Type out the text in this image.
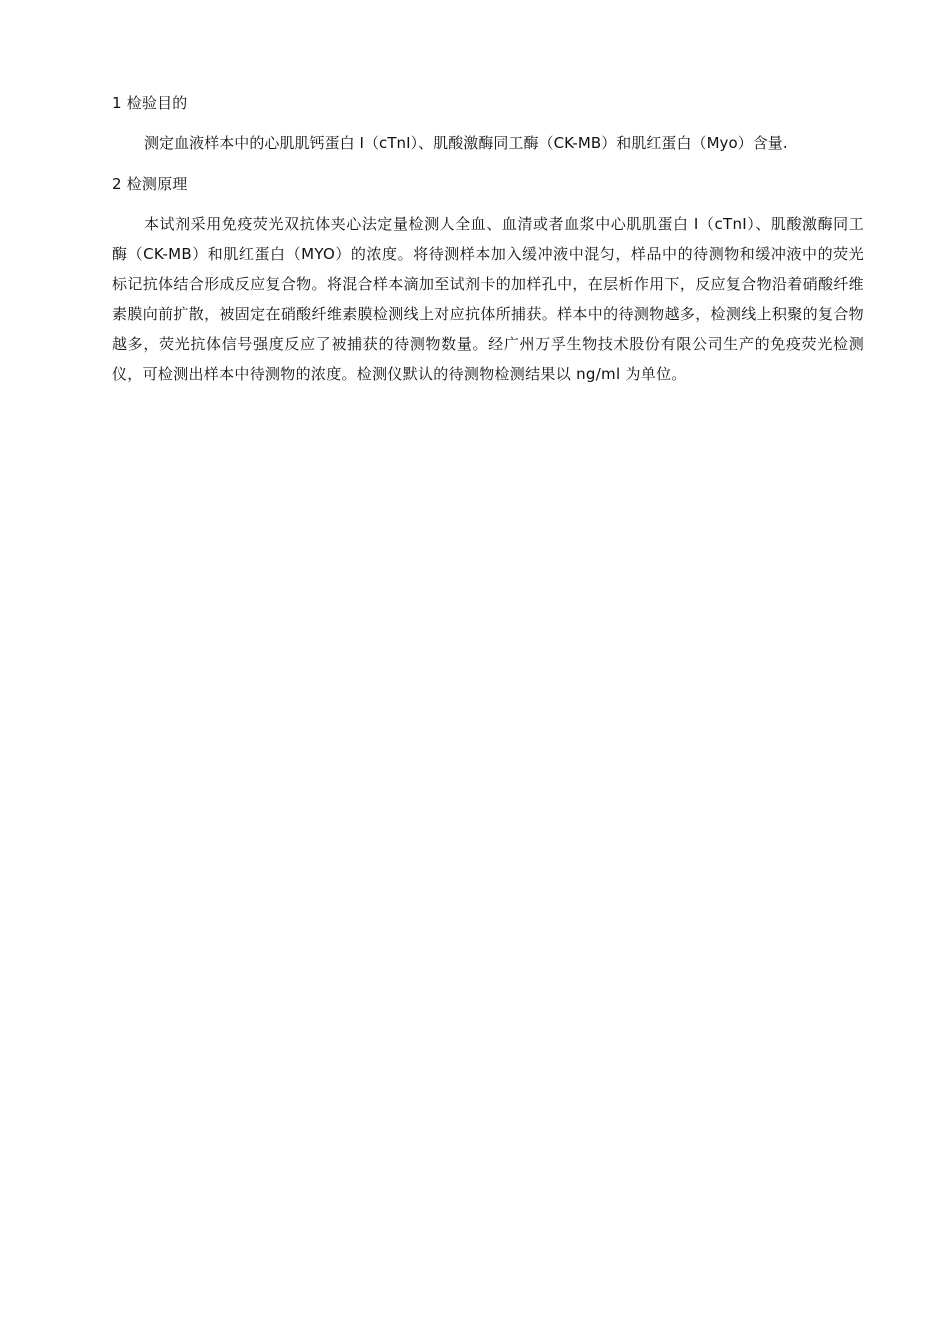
1 检验目的

测定血液样本中的心肌肌钙蛋白 I（cTnI）、肌酸激酶同工酶（CK-MB）和肌红蛋白（Myo）含量.

2 检测原理

本试剂采用免疫荧光双抗体夹心法定量检测人全血、血清或者血浆中心肌肌蛋白 I（cTnI）、肌酸激酶同工酶（CK-MB）和肌红蛋白（MYO）的浓度。将待测样本加入缓冲液中混匀，样品中的待测物和缓冲液中的荧光标记抗体结合形成反应复合物。将混合样本滴加至试剂卡的加样孔中，在层析作用下，反应复合物沿着硝酸纤维素膜向前扩散，被固定在硝酸纤维素膜检测线上对应抗体所捕获。样本中的待测物越多，检测线上积聚的复合物越多，荧光抗体信号强度反应了被捕获的待测物数量。经广州万孚生物技术股份有限公司生产的免疫荧光检测仪，可检测出样本中待测物的浓度。检测仪默认的待测物检测结果以 ng/ml 为单位。
